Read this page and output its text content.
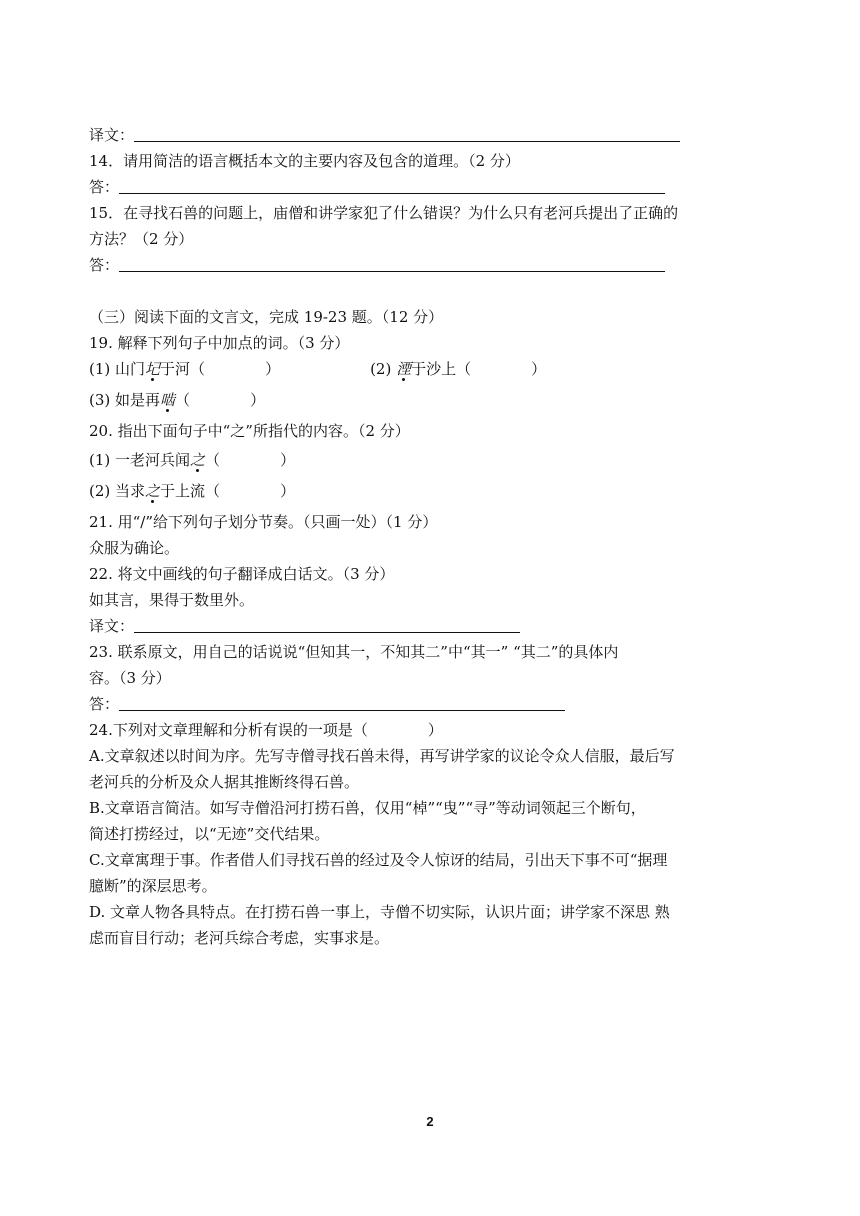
译文：
14．请用简洁的语言概括本文的主要内容及包含的道理。（2 分）
答：
15．在寻找石兽的问题上，庙僧和讲学家犯了什么错误？为什么只有老河兵提出了正确的
方法？（2 分）
答：
（三）阅读下面的文言文，完成 19-23 题。（12 分）
19. 解释下列句子中加点的词。（3 分）
(1) 山门圮于河（	）	(2) 湮于沙上（	）
(3) 如是再啮（	）
20. 指出下面句子中“之”所指代的内容。（2 分）
(1) 一老河兵闻之（	）
(2) 当求之于上流（	）
21. 用“/”给下列句子划分节奏。（只画一处）（1 分）
众服为确论。
22. 将文中画线的句子翻译成白话文。（3 分）
如其言，果得于数里外。
译文：
23. 联系原文，用自己的话说说“但知其一，不知其二”中“其一” “其二”的具体内
容。（3 分）
答：
24.下列对文章理解和分析有误的一项是（	）
A.文章叙述以时间为序。先写寺僧寻找石兽未得，再写讲学家的议论令众人信服，最后写
老河兵的分析及众人据其推断终得石兽。
B.文章语言简洁。如写寺僧沿河打捞石兽，仅用“棹”“曳”“寻”等动词领起三个断句，
简述打捞经过，以“无迹”交代结果。
C.文章寓理于事。作者借人们寻找石兽的经过及令人惊讶的结局，引出天下事不可“据理
臆断”的深层思考。
D. 文章人物各具特点。在打捞石兽一事上，寺僧不切实际，认识片面；讲学家不深思 熟
虑而盲目行动；老河兵综合考虑，实事求是。
2
